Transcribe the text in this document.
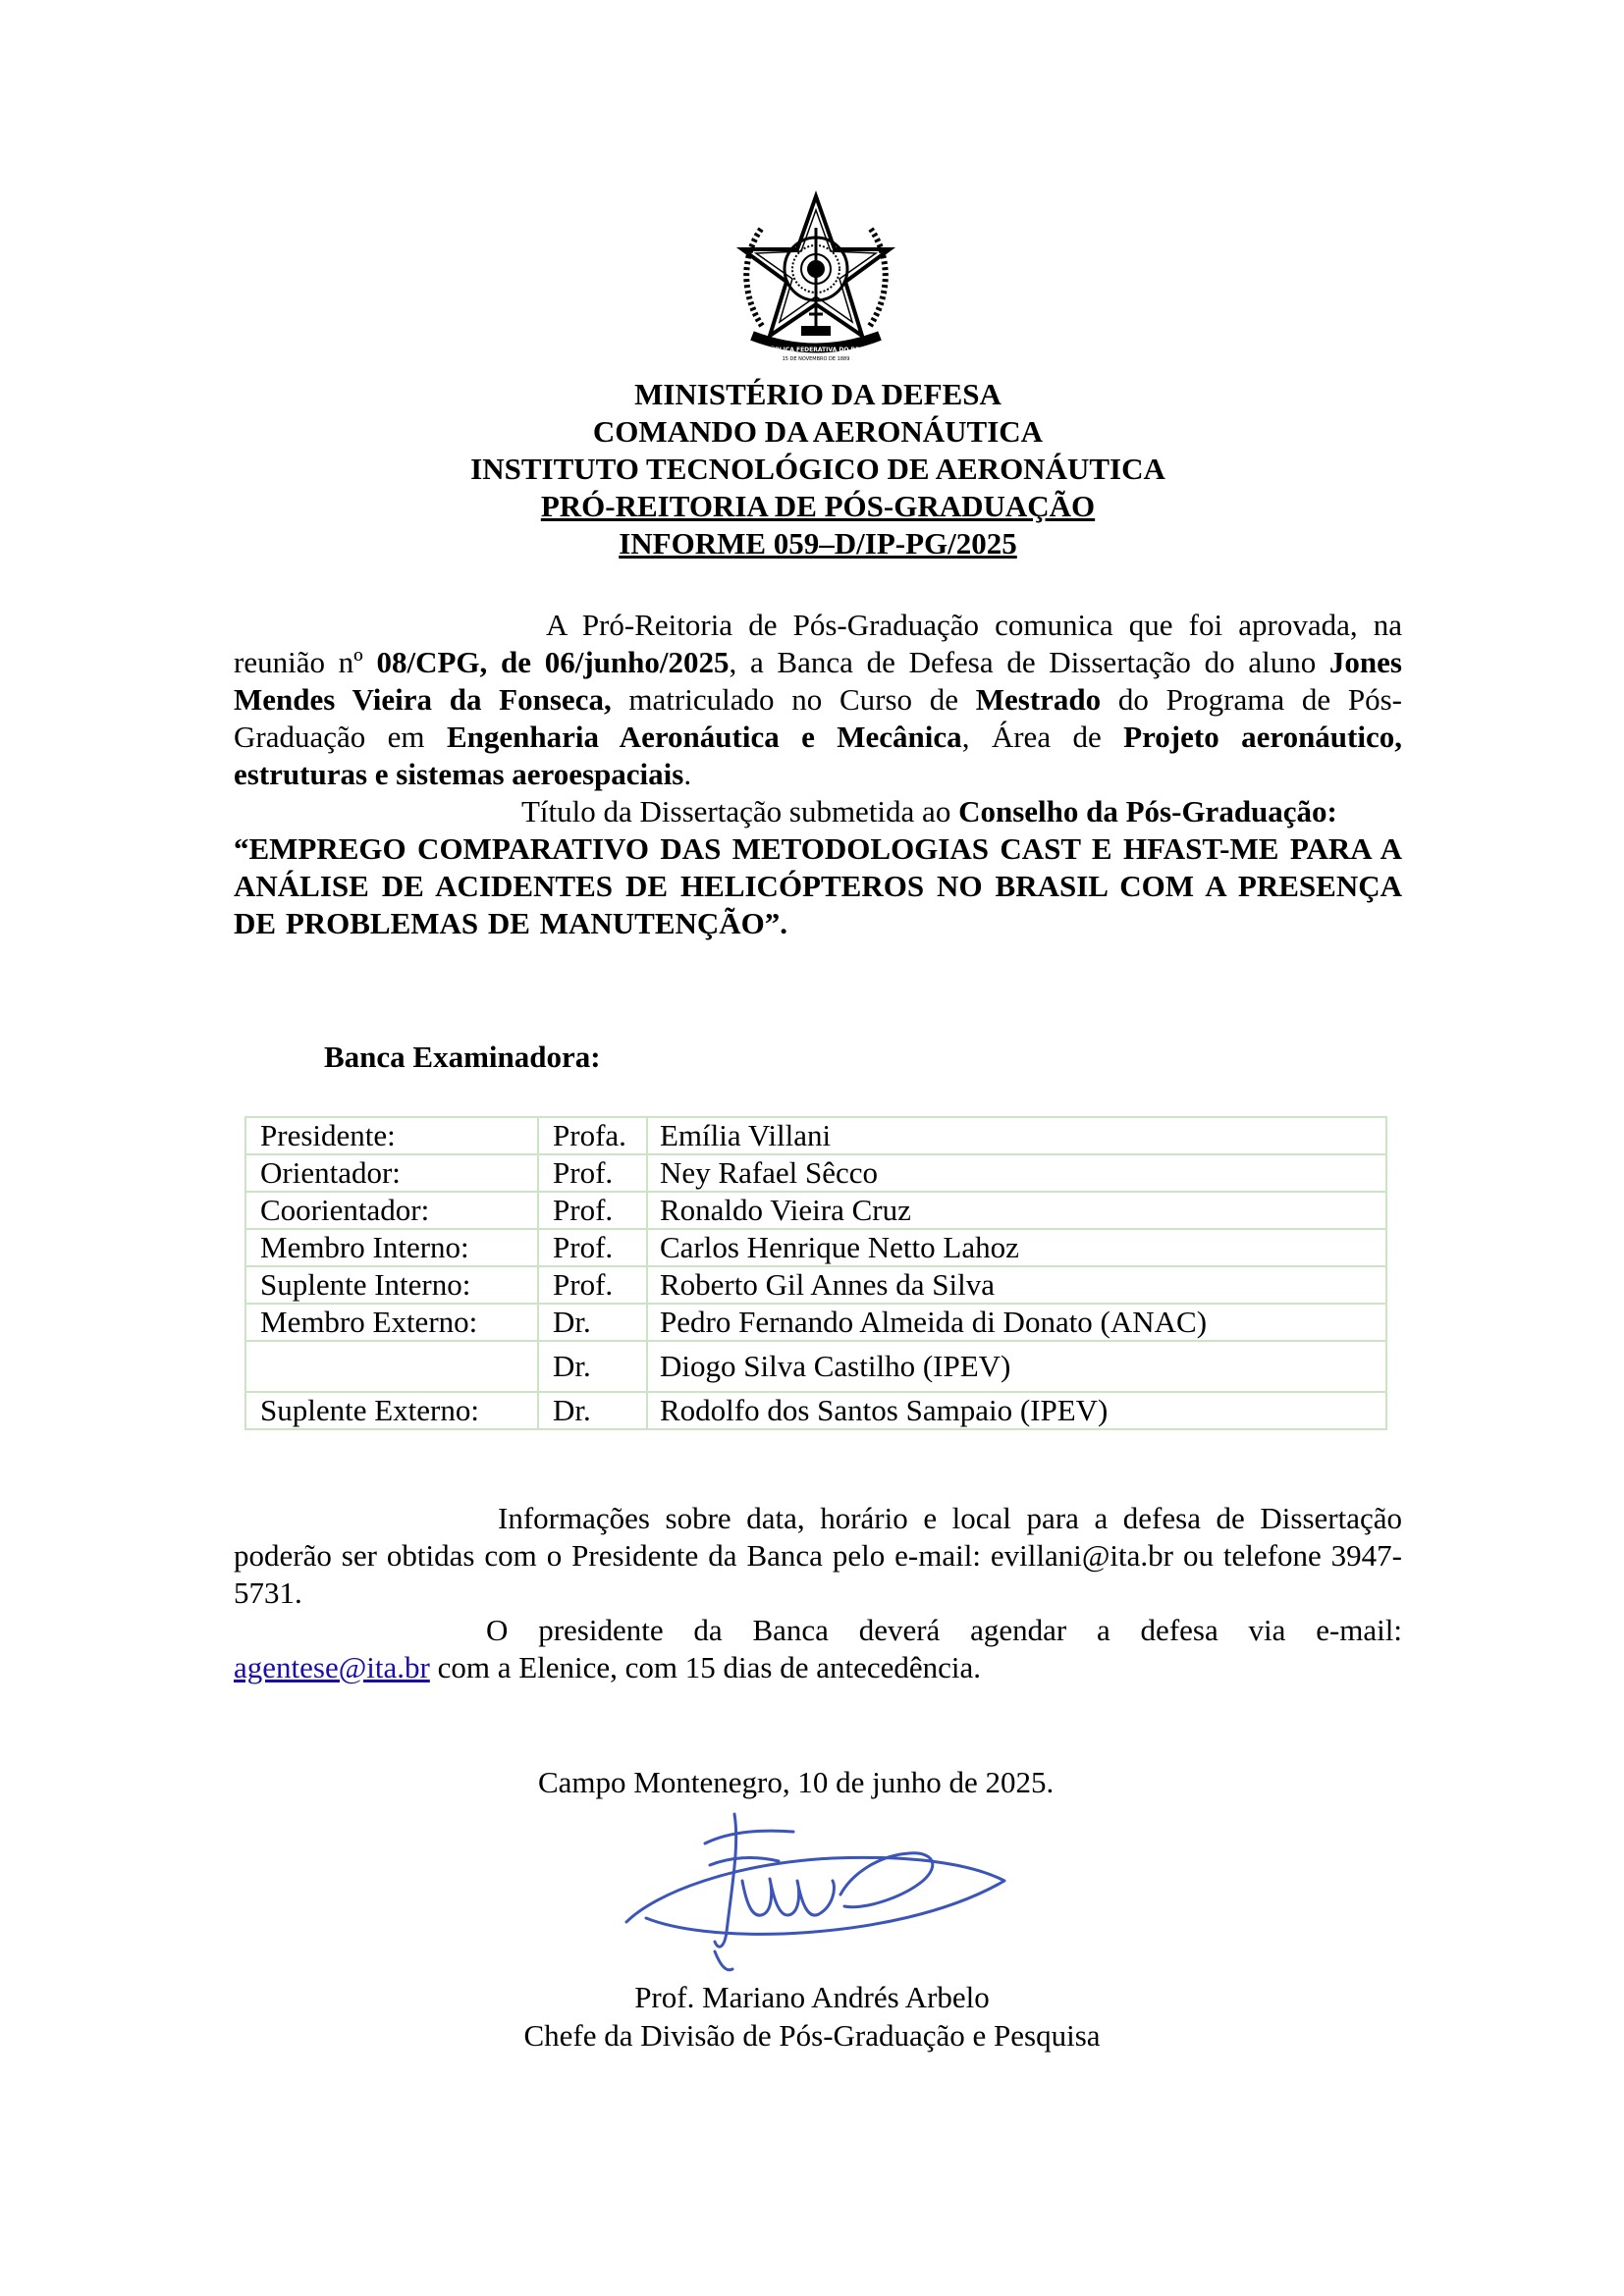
REPÚBLICA FEDERATIVA DO BRASIL
15 DE NOVEMBRO DE 1889
MINISTÉRIO DA DEFESA
COMANDO DA AERONÁUTICA
INSTITUTO TECNOLÓGICO DE AERONÁUTICA
PRÓ-REITORIA DE PÓS-GRADUAÇÃO
INFORME 059–D/IP-PG/2025

A Pró-Reitoria de Pós-Graduação comunica que foi aprovada, na reunião nº 08/CPG, de 06/junho/2025, a Banca de Defesa de Dissertação do aluno Jones Mendes Vieira da Fonseca, matriculado no Curso de Mestrado do Programa de Pós-Graduação em Engenharia Aeronáutica e Mecânica, Área de Projeto aeronáutico, estruturas e sistemas aeroespaciais.

Título da Dissertação submetida ao Conselho da Pós-Graduação:

“EMPREGO COMPARATIVO DAS METODOLOGIAS CAST E HFAST-ME PARA A ANÁLISE DE ACIDENTES DE HELICÓPTEROS NO BRASIL COM A PRESENÇA DE PROBLEMAS DE MANUTENÇÃO”.

Banca Examinadora:
Presidente:	Profa.	Emília Villani
Orientador:	Prof.	Ney Rafael Sêcco
Coorientador:	Prof.	Ronaldo Vieira Cruz
Membro Interno:	Prof.	Carlos Henrique Netto Lahoz
Suplente Interno:	Prof.	Roberto Gil Annes da Silva
Membro Externo:	Dr.	Pedro Fernando Almeida di Donato (ANAC)
	Dr.	Diogo Silva Castilho (IPEV)
Suplente Externo:	Dr.	Rodolfo dos Santos Sampaio (IPEV)

Informações sobre data, horário e local para a defesa de Dissertação poderão ser obtidas com o Presidente da Banca pelo e-mail: evillani@ita.br ou telefone 3947-5731.

O presidente da Banca deverá agendar a defesa via e-mail: agentese@ita.br com a Elenice, com 15 dias de antecedência.

Campo Montenegro, 10 de junho de 2025.
Prof. Mariano Andrés Arbelo
Chefe da Divisão de Pós-Graduação e Pesquisa
